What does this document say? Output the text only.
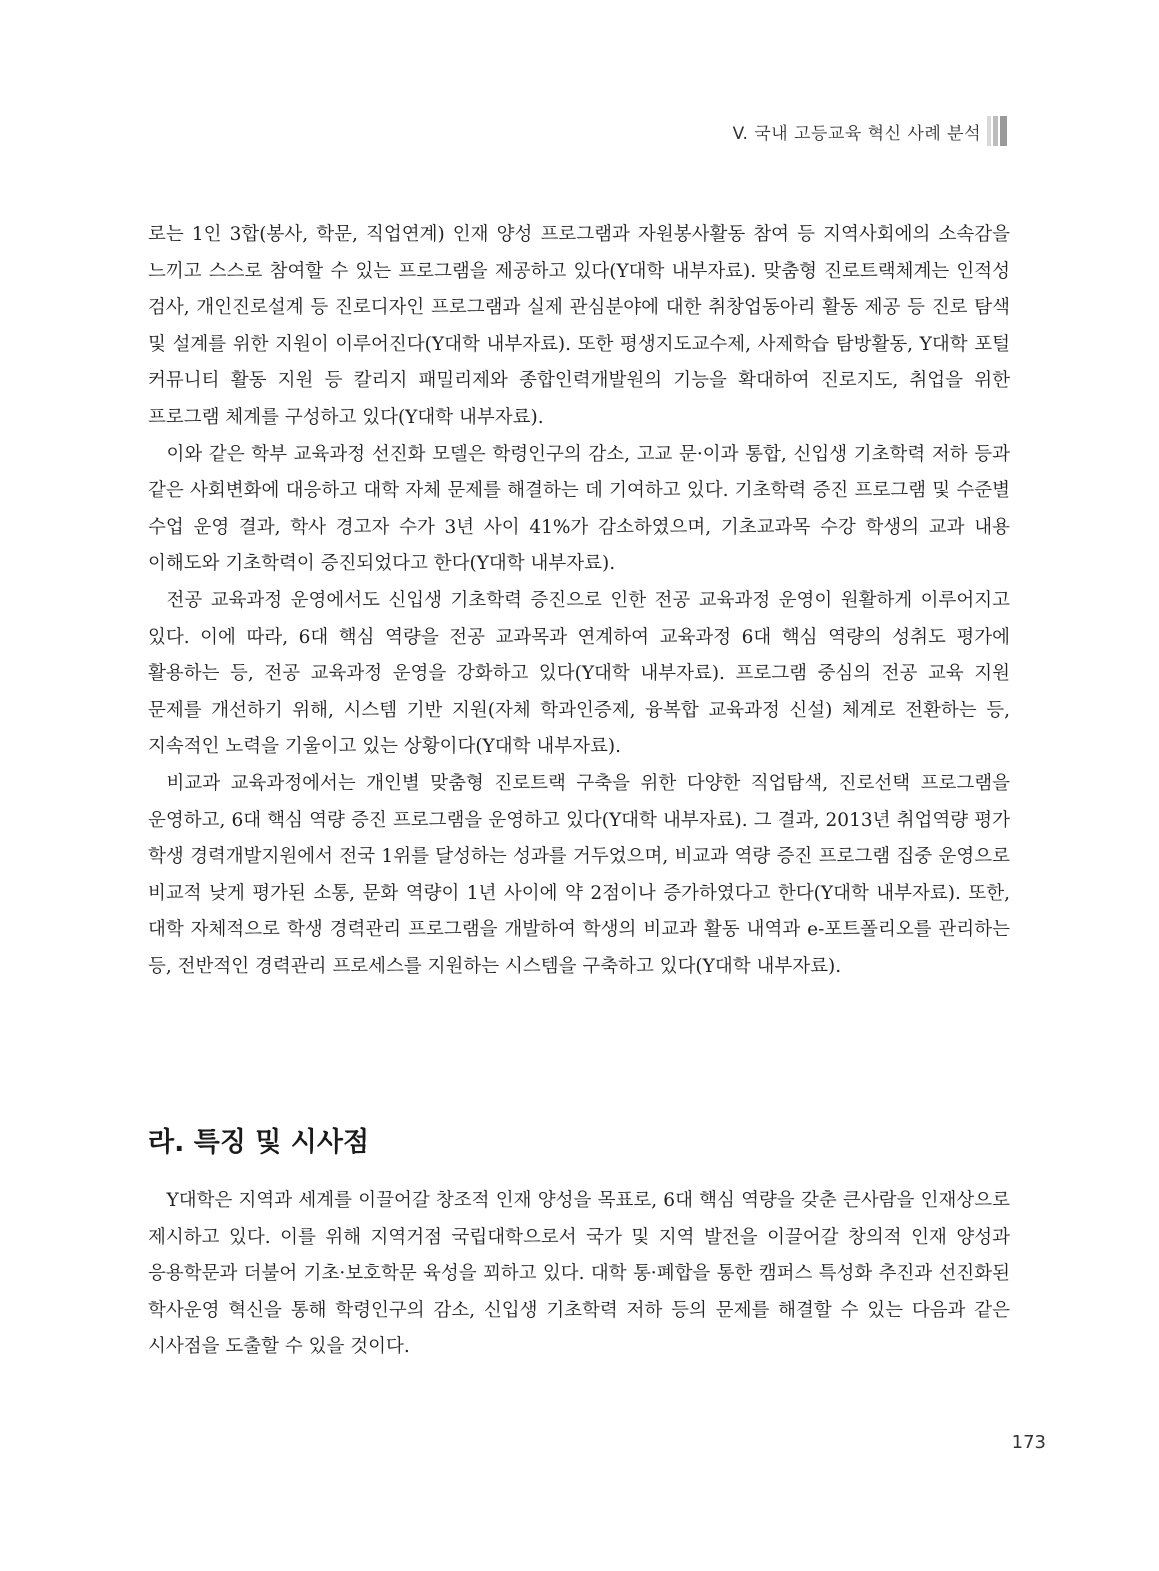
V. 국내 고등교육 혁신 사례 분석

로는 1인 3합(봉사, 학문, 직업연계) 인재 양성 프로그램과 자원봉사활동 참여 등 지역사회에의 소속감을 느끼고 스스로 참여할 수 있는 프로그램을 제공하고 있다(Y대학 내부자료). 맞춤형 진로트랙체계는 인적성 검사, 개인진로설계 등 진로디자인 프로그램과 실제 관심분야에 대한 취창업동아리 활동 제공 등 진로 탐색 및 설계를 위한 지원이 이루어진다(Y대학 내부자료). 또한 평생지도교수제, 사제학습 탐방활동, Y대학 포털 커뮤니티 활동 지원 등 칼리지 패밀리제와 종합인력개발원의 기능을 확대하여 진로지도, 취업을 위한 프로그램 체계를 구성하고 있다(Y대학 내부자료).

이와 같은 학부 교육과정 선진화 모델은 학령인구의 감소, 고교 문·이과 통합, 신입생 기초학력 저하 등과 같은 사회변화에 대응하고 대학 자체 문제를 해결하는 데 기여하고 있다. 기초학력 증진 프로그램 및 수준별 수업 운영 결과, 학사 경고자 수가 3년 사이 41%가 감소하였으며, 기초교과목 수강 학생의 교과 내용 이해도와 기초학력이 증진되었다고 한다(Y대학 내부자료).

전공 교육과정 운영에서도 신입생 기초학력 증진으로 인한 전공 교육과정 운영이 원활하게 이루어지고 있다. 이에 따라, 6대 핵심 역량을 전공 교과목과 연계하여 교육과정 6대 핵심 역량의 성취도 평가에 활용하는 등, 전공 교육과정 운영을 강화하고 있다(Y대학 내부자료). 프로그램 중심의 전공 교육 지원 문제를 개선하기 위해, 시스템 기반 지원(자체 학과인증제, 융복합 교육과정 신설) 체계로 전환하는 등, 지속적인 노력을 기울이고 있는 상황이다(Y대학 내부자료).

비교과 교육과정에서는 개인별 맞춤형 진로트랙 구축을 위한 다양한 직업탐색, 진로선택 프로그램을 운영하고, 6대 핵심 역량 증진 프로그램을 운영하고 있다(Y대학 내부자료). 그 결과, 2013년 취업역량 평가 학생 경력개발지원에서 전국 1위를 달성하는 성과를 거두었으며, 비교과 역량 증진 프로그램 집중 운영으로 비교적 낮게 평가된 소통, 문화 역량이 1년 사이에 약 2점이나 증가하였다고 한다(Y대학 내부자료). 또한, 대학 자체적으로 학생 경력관리 프로그램을 개발하여 학생의 비교과 활동 내역과 e-포트폴리오를 관리하는 등, 전반적인 경력관리 프로세스를 지원하는 시스템을 구축하고 있다(Y대학 내부자료).

라. 특징 및 시사점

Y대학은 지역과 세계를 이끌어갈 창조적 인재 양성을 목표로, 6대 핵심 역량을 갖춘 큰사람을 인재상으로 제시하고 있다. 이를 위해 지역거점 국립대학으로서 국가 및 지역 발전을 이끌어갈 창의적 인재 양성과 응용학문과 더불어 기초·보호학문 육성을 꾀하고 있다. 대학 통·폐합을 통한 캠퍼스 특성화 추진과 선진화된 학사운영 혁신을 통해 학령인구의 감소, 신입생 기초학력 저하 등의 문제를 해결할 수 있는 다음과 같은 시사점을 도출할 수 있을 것이다.

173
